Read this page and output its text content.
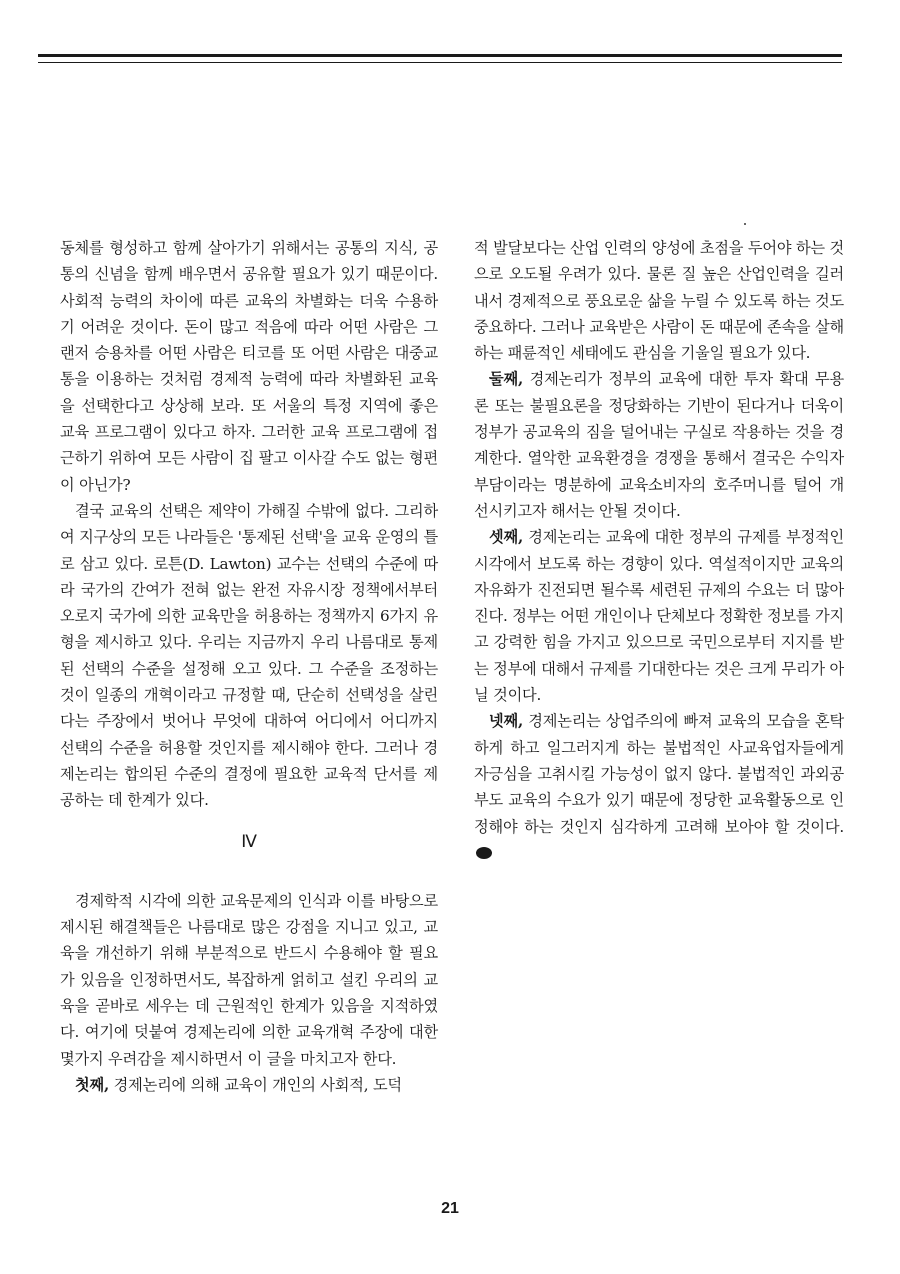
동체를 형성하고 함께 살아가기 위해서는 공통의 지식, 공통의 신념을 함께 배우면서 공유할 필요가 있기 때문이다. 사회적 능력의 차이에 따른 교육의 차별화는 더욱 수용하기 어려운 것이다. 돈이 많고 적음에 따라 어떤 사람은 그랜저 승용차를 어떤 사람은 티코를 또 어떤 사람은 대중교통을 이용하는 것처럼 경제적 능력에 따라 차별화된 교육을 선택한다고 상상해 보라. 또 서울의 특정 지역에 좋은 교육 프로그램이 있다고 하자. 그러한 교육 프로그램에 접근하기 위하여 모든 사람이 집 팔고 이사갈 수도 없는 형편이 아닌가?

결국 교육의 선택은 제약이 가해질 수밖에 없다. 그리하여 지구상의 모든 나라들은 '통제된 선택'을 교육 운영의 틀로 삼고 있다. 로튼(D. Lawton) 교수는 선택의 수준에 따라 국가의 간여가 전혀 없는 완전 자유시장 정책에서부터 오로지 국가에 의한 교육만을 허용하는 정책까지 6가지 유형을 제시하고 있다. 우리는 지금까지 우리 나름대로 통제된 선택의 수준을 설정해 오고 있다. 그 수준을 조정하는 것이 일종의 개혁이라고 규정할 때, 단순히 선택성을 살린다는 주장에서 벗어나 무엇에 대하여 어디에서 어디까지 선택의 수준을 허용할 것인지를 제시해야 한다. 그러나 경제논리는 합의된 수준의 결정에 필요한 교육적 단서를 제공하는 데 한계가 있다.

Ⅳ

경제학적 시각에 의한 교육문제의 인식과 이를 바탕으로 제시된 해결책들은 나름대로 많은 강점을 지니고 있고, 교육을 개선하기 위해 부분적으로 반드시 수용해야 할 필요가 있음을 인정하면서도, 복잡하게 얽히고 설킨 우리의 교육을 곧바로 세우는 데 근원적인 한계가 있음을 지적하였다. 여기에 덧붙여 경제논리에 의한 교육개혁 주장에 대한 몇가지 우려감을 제시하면서 이 글을 마치고자 한다.

첫째, 경제논리에 의해 교육이 개인의 사회적, 도덕

적 발달보다는 산업 인력의 양성에 초점을 두어야 하는 것으로 오도될 우려가 있다. 물론 질 높은 산업인력을 길러내서 경제적으로 풍요로운 삶을 누릴 수 있도록 하는 것도 중요하다. 그러나 교육받은 사람이 돈 때문에 존속을 살해하는 패륜적인 세태에도 관심을 기울일 필요가 있다.

둘째, 경제논리가 정부의 교육에 대한 투자 확대 무용론 또는 불필요론을 정당화하는 기반이 된다거나 더욱이 정부가 공교육의 짐을 덜어내는 구실로 작용하는 것을 경계한다. 열악한 교육환경을 경쟁을 통해서 결국은 수익자 부담이라는 명분하에 교육소비자의 호주머니를 털어 개선시키고자 해서는 안될 것이다.

셋째, 경제논리는 교육에 대한 정부의 규제를 부정적인 시각에서 보도록 하는 경향이 있다. 역설적이지만 교육의 자유화가 진전되면 될수록 세련된 규제의 수요는 더 많아진다. 정부는 어떤 개인이나 단체보다 정확한 정보를 가지고 강력한 힘을 가지고 있으므로 국민으로부터 지지를 받는 정부에 대해서 규제를 기대한다는 것은 크게 무리가 아닐 것이다.

넷째, 경제논리는 상업주의에 빠져 교육의 모습을 혼탁하게 하고 일그러지게 하는 불법적인 사교육업자들에게 자긍심을 고취시킬 가능성이 없지 않다. 불법적인 과외공부도 교육의 수요가 있기 때문에 정당한 교육활동으로 인정해야 하는 것인지 심각하게 고려해 보아야 할 것이다.

21
